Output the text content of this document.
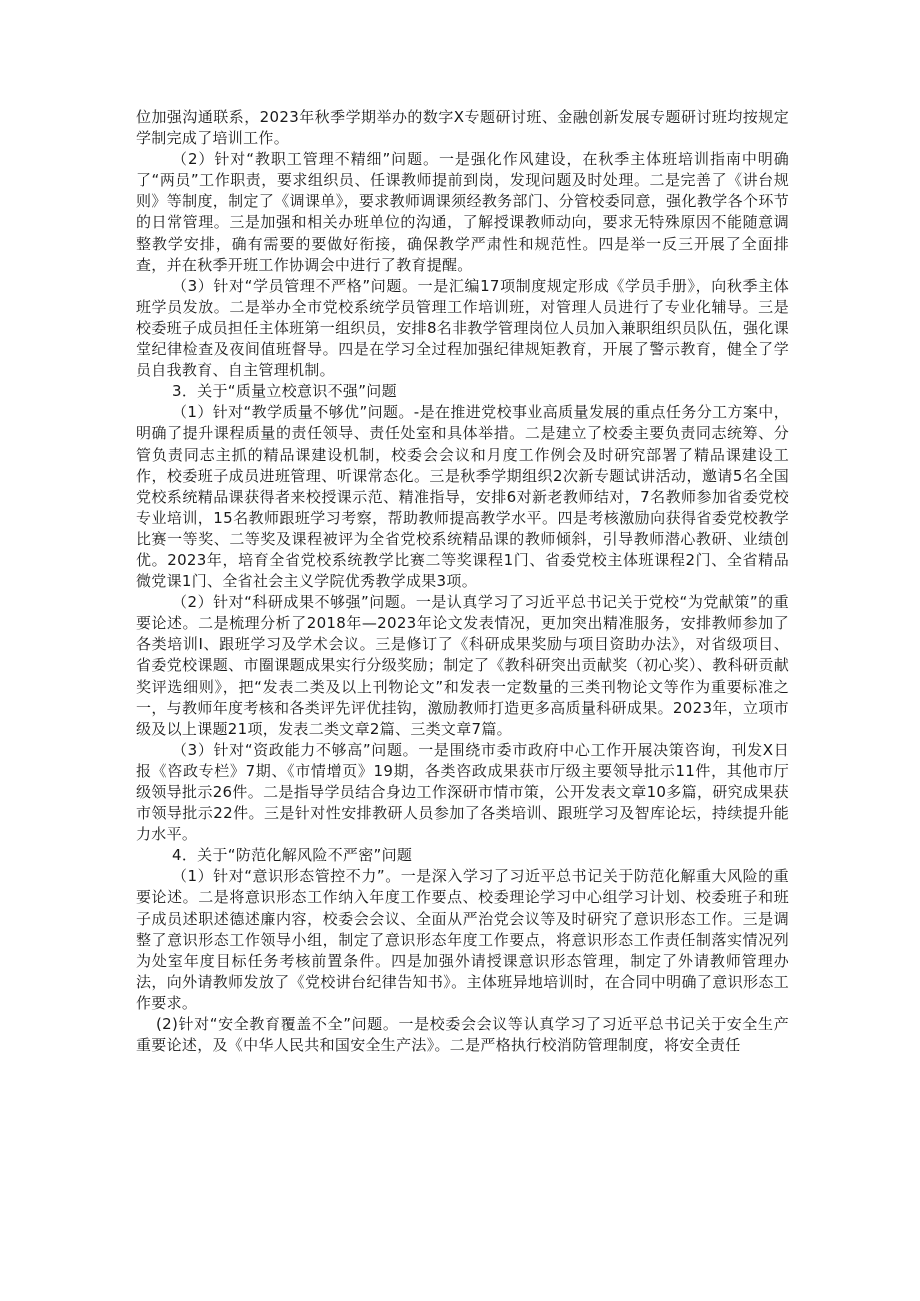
位加强沟通联系，2023年秋季学期举办的数字X专题研讨班、金融创新发展专题研讨班均按规定学制完成了培训工作。

（2）针对“教职工管理不精细”问题。一是强化作风建设，在秋季主体班培训指南中明确了“两员”工作职责，要求组织员、任课教师提前到岗，发现问题及时处理。二是完善了《讲台规则》等制度，制定了《调课单》，要求教师调课须经教务部门、分管校委同意，强化教学各个环节的日常管理。三是加强和相关办班单位的沟通，了解授课教师动向，要求无特殊原因不能随意调整教学安排，确有需要的要做好衔接，确保教学严肃性和规范性。四是举一反三开展了全面排查，并在秋季开班工作协调会中进行了教育提醒。

（3）针对“学员管理不严格”问题。一是汇编17项制度规定形成《学员手册》，向秋季主体班学员发放。二是举办全市党校系统学员管理工作培训班，对管理人员进行了专业化辅导。三是校委班子成员担任主体班第一组织员，安排8名非教学管理岗位人员加入兼职组织员队伍，强化课堂纪律检查及夜间值班督导。四是在学习全过程加强纪律规矩教育，开展了警示教育，健全了学员自我教育、自主管理机制。

3．关于“质量立校意识不强”问题

（1）针对“教学质量不够优”问题。-是在推进党校事业高质量发展的重点任务分工方案中，明确了提升课程质量的责任领导、责任处室和具体举措。二是建立了校委主要负责同志统筹、分管负责同志主抓的精品课建设机制，校委会会议和月度工作例会及时研究部署了精品课建设工作，校委班子成员进班管理、听课常态化。三是秋季学期组织2次新专题试讲活动，邀请5名全国党校系统精品课获得者来校授课示范、精准指导，安排6对新老教师结对，7名教师参加省委党校专业培训，15名教师跟班学习考察，帮助教师提高教学水平。四是考核激励向获得省委党校教学比赛一等奖、二等奖及课程被评为全省党校系统精品课的教师倾斜，引导教师潜心教研、业绩创优。2023年，培育全省党校系统教学比赛二等奖课程1门、省委党校主体班课程2门、全省精品微党课1门、全省社会主义学院优秀教学成果3项。

（2）针对“科研成果不够强”问题。一是认真学习了习近平总书记关于党校“为党献策”的重要论述。二是梳理分析了2018年—2023年论文发表情况，更加突出精准服务，安排教师参加了各类培训Ⅰ、跟班学习及学术会议。三是修订了《科研成果奖励与项目资助办法》，对省级项目、省委党校课题、市圈课题成果实行分级奖励；制定了《教科研突出贡献奖（初心奖）、教科研贡献奖评选细则》，把“发表二类及以上刊物论文”和发表一定数量的三类刊物论文等作为重要标准之一，与教师年度考核和各类评先评优挂钩，激励教师打造更多高质量科研成果。2023年，立项市级及以上课题21项，发表二类文章2篇、三类文章7篇。

（3）针对“资政能力不够高”问题。一是围绕市委市政府中心工作开展决策咨询，刊发X日报《咨政专栏》7期、《市情增页》19期，各类咨政成果获市厅级主要领导批示11件，其他市厅级领导批示26件。二是指导学员结合身边工作深研市情市策，公开发表文章10多篇，研究成果获市领导批示22件。三是针对性安排教研人员参加了各类培训、跟班学习及智库论坛，持续提升能力水平。

4．关于“防范化解风险不严密”问题

（1）针对“意识形态管控不力”。一是深入学习了习近平总书记关于防范化解重大风险的重要论述。二是将意识形态工作纳入年度工作要点、校委理论学习中心组学习计划、校委班子和班子成员述职述德述廉内容，校委会会议、全面从严治党会议等及时研究了意识形态工作。三是调整了意识形态工作领导小组，制定了意识形态年度工作要点，将意识形态工作责任制落实情况列为处室年度目标任务考核前置条件。四是加强外请授课意识形态管理，制定了外请教师管理办法，向外请教师发放了《党校讲台纪律告知书》。主体班异地培训时，在合同中明确了意识形态工作要求。

(2)针对“安全教育覆盖不全”问题。一是校委会会议等认真学习了习近平总书记关于安全生产重要论述，及《中华人民共和国安全生产法》。二是严格执行校消防管理制度，将安全责任
